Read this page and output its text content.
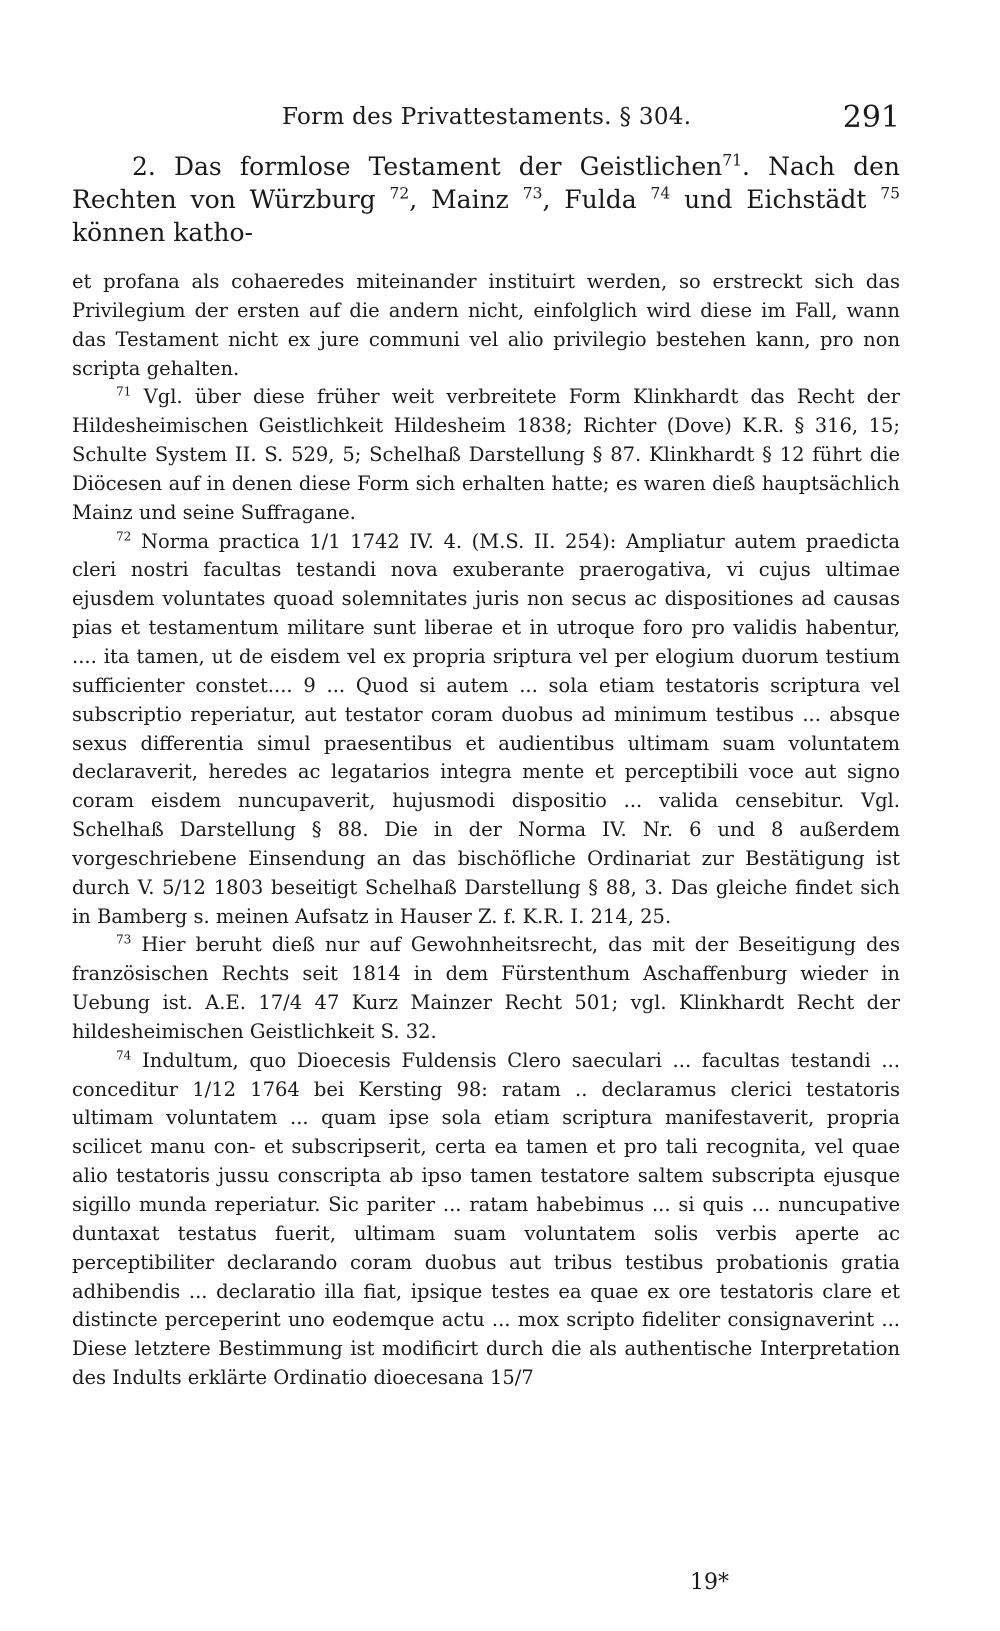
Form des Privattestaments. § 304.	291
2. Das formlose Testament der Geistlichen$^{71}$. Nach den Rechten von Würzburg $^{72}$, Mainz $^{73}$, Fulda $^{74}$ und Eichstädt $^{75}$ können katho-

et profana als cohaeredes miteinander instituirt werden, so erstreckt sich das Privilegium der ersten auf die andern nicht, einfolglich wird diese im Fall, wann das Testament nicht ex jure communi vel alio privilegio bestehen kann, pro non scripta gehalten.

$^{71}$ Vgl. über diese früher weit verbreitete Form Klinkhardt das Recht der Hildesheimischen Geistlichkeit Hildesheim 1838; Richter (Dove) K.R. § 316, 15; Schulte System II. S. 529, 5; Schelhaß Darstellung § 87. Klinkhardt § 12 führt die Diöcesen auf in denen diese Form sich erhalten hatte; es waren dieß hauptsächlich Mainz und seine Suffragane.

$^{72}$ Norma practica 1/1 1742 IV. 4. (M.S. II. 254): Ampliatur autem praedicta cleri nostri facultas testandi nova exuberante praerogativa, vi cujus ultimae ejusdem voluntates quoad solemnitates juris non secus ac dispositiones ad causas pias et testamentum militare sunt liberae et in utroque foro pro validis habentur, .... ita tamen, ut de eisdem vel ex propria sriptura vel per elogium duorum testium sufficienter constet.... 9 ... Quod si autem ... sola etiam testatoris scriptura vel subscriptio reperiatur, aut testator coram duobus ad minimum testibus ... absque sexus differentia simul praesentibus et audientibus ultimam suam voluntatem declaraverit, heredes ac legatarios integra mente et perceptibili voce aut signo coram eisdem nuncupaverit, hujusmodi dispositio ... valida censebitur. Vgl. Schelhaß Darstellung § 88. Die in der Norma IV. Nr. 6 und 8 außerdem vorgeschriebene Einsendung an das bischöfliche Ordinariat zur Bestätigung ist durch V. 5/12 1803 beseitigt Schelhaß Darstellung § 88, 3. Das gleiche findet sich in Bamberg s. meinen Aufsatz in Hauser Z. f. K.R. I. 214, 25.

$^{73}$ Hier beruht dieß nur auf Gewohnheitsrecht, das mit der Beseitigung des französischen Rechts seit 1814 in dem Fürstenthum Aschaffenburg wieder in Uebung ist. A.E. 17/4 47 Kurz Mainzer Recht 501; vgl. Klinkhardt Recht der hildesheimischen Geistlichkeit S. 32.

$^{74}$ Indultum, quo Dioecesis Fuldensis Clero saeculari ... facultas testandi ... conceditur 1/12 1764 bei Kersting 98: ratam .. declaramus clerici testatoris ultimam voluntatem ... quam ipse sola etiam scriptura manifestaverit, propria scilicet manu con- et subscripserit, certa ea tamen et pro tali recognita, vel quae alio testatoris jussu conscripta ab ipso tamen testatore saltem subscripta ejusque sigillo munda reperiatur. Sic pariter ... ratam habebimus ... si quis ... nuncupative duntaxat testatus fuerit, ultimam suam voluntatem solis verbis aperte ac perceptibiliter declarando coram duobus aut tribus testibus probationis gratia adhibendis ... declaratio illa fiat, ipsique testes ea quae ex ore testatoris clare et distincte perceperint uno eodemque actu ... mox scripto fideliter consignaverint ... Diese letztere Bestimmung ist modificirt durch die als authentische Interpretation des Indults erklärte Ordinatio dioecesana 15/7

19*
